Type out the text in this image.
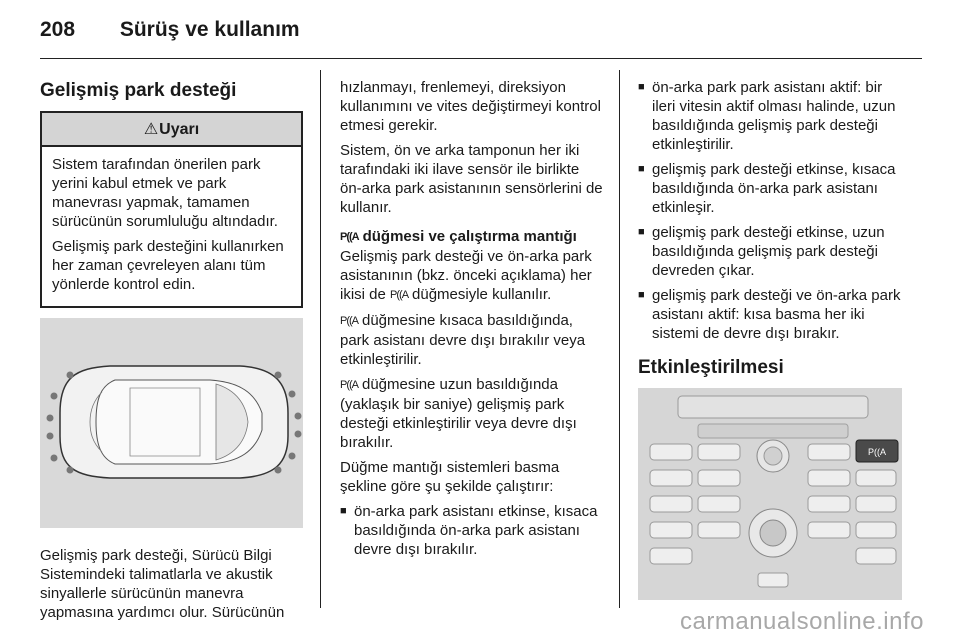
208 Sürüş ve kullanım
Gelişmiş park desteği
⚠Uyarı

Sistem tarafından önerilen park yerini kabul etmek ve park manevrası yapmak, tamamen sürücünün sorumluluğu altındadır.

Gelişmiş park desteğini kullanırken her zaman çevreleyen alanı tüm yönlerde kontrol edin.

Gelişmiş park desteği, Sürücü Bilgi Sistemindeki talimatlarla ve akustik sinyallerle sürücünün manevra yapmasına yardımcı olur. Sürücünün

hızlanmayı, frenlemeyi, direksiyon kullanımını ve vites değiştirmeyi kontrol etmesi gerekir.

Sistem, ön ve arka tamponun her iki tarafındaki iki ilave sensör ile birlikte ön-arka park asistanının sensörlerini de kullanır.

P((A düğmesi ve çalıştırma mantığı

Gelişmiş park desteği ve ön-arka park asistanının (bkz. önceki açıklama) her ikisi de P((A düğmesiyle kullanılır.

P((A düğmesine kısaca basıldığında, park asistanı devre dışı bırakılır veya etkinleştirilir.

P((A düğmesine uzun basıldığında (yaklaşık bir saniye) gelişmiş park desteği etkinleştirilir veya devre dışı bırakılır.

Düğme mantığı sistemleri basma şekline göre şu şekilde çalıştırır:

■ ön-arka park asistanı etkinse, kısaca basıldığında ön-arka park asistanı devre dışı bırakılır.
■ ön-arka park park asistanı aktif: bir ileri vitesin aktif olması halinde, uzun basıldığında gelişmiş park desteği etkinleştirilir.
■ gelişmiş park desteği etkinse, kısaca basıldığında ön-arka park asistanı etkinleşir.
■ gelişmiş park desteği etkinse, uzun basıldığında gelişmiş park desteği devreden çıkar.
■ gelişmiş park desteği ve ön-arka park asistanı aktif: kısa basma her iki sistemi de devre dışı bırakır.
Etkinleştirilmesi
P((A
carmanualsonline.info
